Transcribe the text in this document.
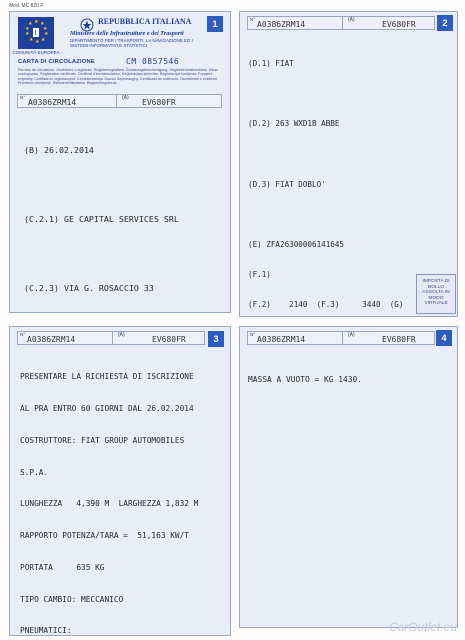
Mod. MC 820 F
1
★ ★
★
★
★
★
★
★
★
★
I
COMUNITÀ EUROPEA
REPUBBLICA ITALIANA
Ministero delle Infrastrutture e dei Trasporti
DIPARTIMENTO PER I TRASPORTI, LA NAVIGAZIONE ED I SISTEMI INFORMATIVI E STATISTICI
CARTA DI CIRCOLAZIONE	CM 0857546
Permiso de circulación. Osvědčení o registraci. Registreringsattest. Zulassungsbescheinigung. Registreerimistunnistus. Άδεια κυκλοφορίας. Registration certificate. Certificat d'immatriculation. Reģistrācijas apliecība. Registracijos liudijimas. Forgalmi engedély. Certifikat ta' reġistrazzjoni. Kentekenbewijs. Dowód Rejestracyjny. Certificado de matrícula. Osvedčenie o evidencii. Prometno dovoljenje. Rekisteröintitodistus. Registreringsbevis.
N°
A0386ZRM14	(A) EV680FR

(B) 26.02.2014

(C.2.1) GE CAPITAL SERVICES SRL

(C.2.3) VIA G. ROSACCIO 33

N°
A0386ZRM14	(A)	EV680FR	2

(D.1) FIAT

(D.2) 263 WXD1B ABBE

(D.3) FIAT DOBLO'

(E) ZFA26300006141645

(F.1)

(F.2)    2140  (F.3)     3440  (G)

IMPOSTA DI BOLLO ASSOLTA IN MODO VIRTUALE
N°
A0386ZRM14	(A)	EV680FR	3

PRESENTARE LA RICHIESTA DI ISCRIZIONE

AL PRA ENTRO 60 GIORNI DAL 26.02.2014

COSTRUTTORE: FIAT GROUP AUTOMOBILES

S.P.A.

LUNGHEZZA   4,390 M  LARGHEZZA 1,832 M

RAPPORTO POTENZA/TARA =  51,163 KW/T

PORTATA     635 KG

TIPO CAMBIO: MECCANICO

PNEUMATICI:

N°
A0386ZRM14	(A)	EV680FR	4

MASSA A VUOTO = KG 1430.

CarOutlet.eu
